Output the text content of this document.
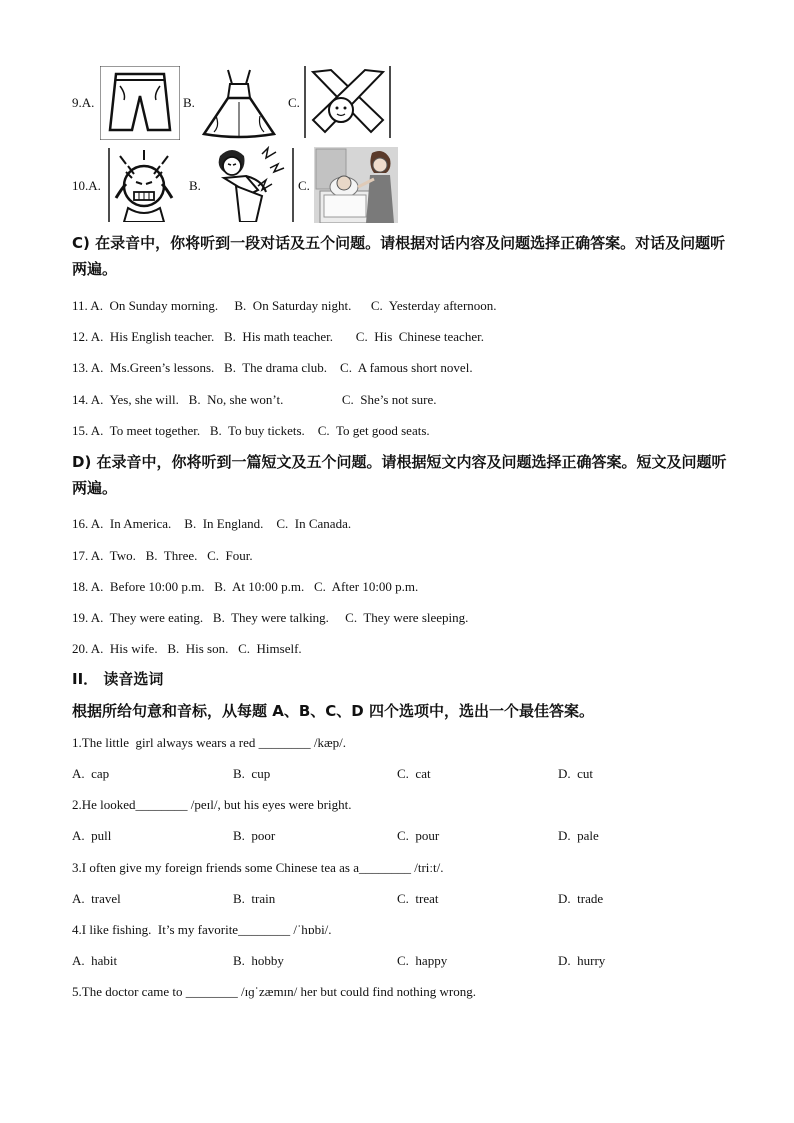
9.A.	B.	C.
10.A.	B.	C.
C) 在录音中，你将听到一段对话及五个问题。请根据对话内容及问题选择正确答案。对话及问题听两遍。
11. A.  On Sunday morning.     B.  On Saturday night.      C.  Yesterday afternoon.
12. A.  His English teacher.   B.  His math teacher.       C.  His  Chinese teacher.
13. A.  Ms.Green’s lessons.   B.  The drama club.    C.  A famous short novel.
14. A.  Yes, she will.   B.  No, she won’t.                  C.  She’s not sure.
15. A.  To meet together.   B.  To buy tickets.    C.  To get good seats.
D) 在录音中，你将听到一篇短文及五个问题。请根据短文内容及问题选择正确答案。短文及问题听两遍。
16. A.  In America.    B.  In England.    C.  In Canada.
17. A.  Two.   B.  Three.   C.  Four.
18. A.  Before 10:00 p.m.   B.  At 10:00 p.m.   C.  After 10:00 p.m.
19. A.  They were eating.   B.  They were talking.     C.  They were sleeping.
20. A.  His wife.   B.  His son.   C.  Himself.
II． 读音选词
根据所给句意和音标，从每题 A、B、C、D 四个选项中，选出一个最佳答案。
1.The little  girl always wears a red ________ /kæp/.
A.  cap	B.  cup	C.  cat	D.  cut
2.He looked________ /peɪl/, but his eyes were bright.
A.  pull	B.  poor	C.  pour	D.  pale
3.I often give my foreign friends some Chinese tea as a________ /triːt/.
A.  travel	B.  train	C.  treat	D.  trade
4.I like fishing.  It’s my favorite________ /ˈhɒbi/.
A.  habit	B.  hobby	C.  happy	D.  hurry
5.The doctor came to ________ /ɪɡˈzæmɪn/ her but could find nothing wrong.
